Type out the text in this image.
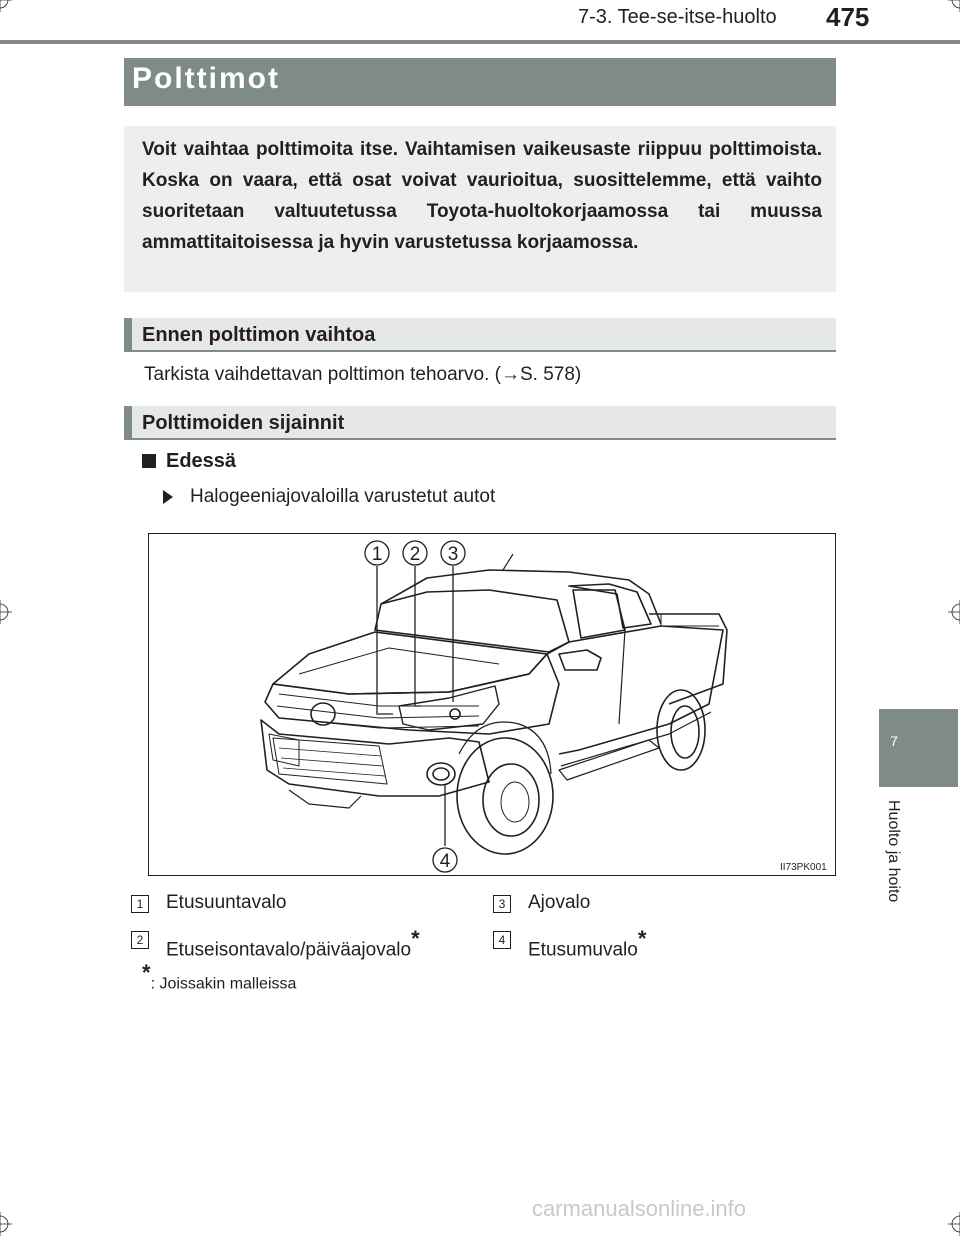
7-3. Tee-se-itse-huolto 475
Polttimot
Voit vaihtaa polttimoita itse. Vaihtamisen vaikeusaste riippuu polttimoista. Koska on vaara, että osat voivat vaurioitua, suosittelemme, että vaihto suoritetaan valtuutetussa Toyota-huoltokorjaamossa tai muussa ammattitaitoisessa ja hyvin varustetussa korjaamossa.
Ennen polttimon vaihtoa
Tarkista vaihdettavan polttimon tehoarvo. (→S. 578)
Polttimoiden sijainnit
Edessä
Halogeeniajovaloilla varustetut autot
1 2 3
4	II73PK001
1 Etusuuntavalo
2 Etuseisontavalo/päiväajovalo*
3 Ajovalo
4 Etusumuvalo*
*: Joissakin malleissa
7
Huolto ja hoito
carmanualsonline.info
